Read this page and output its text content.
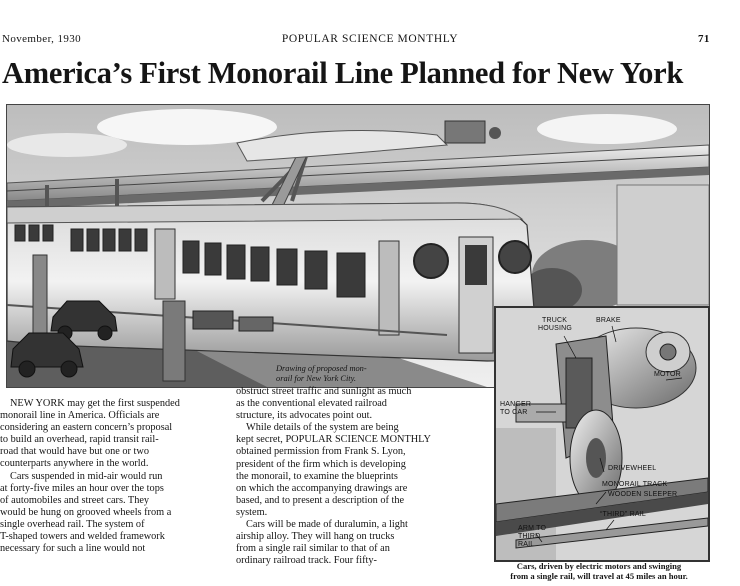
November, 1930	POPULAR SCIENCE MONTHLY	71
America’s First Monorail Line Planned for New York
TRUCK
HOUSING
BRAKE
MOTOR
HANGER
TO CAR
DRIVEWHEEL
MONORAIL TRACK
WOODEN SLEEPER
“THIRD” RAIL
ARM TO
THIRD
RAIL
Drawing of proposed mon-
orail for New York City.
NEW YORK may get the first suspended
monorail line in America. Officials are
considering an eastern concern’s proposal
to build an overhead, rapid transit rail-
road that would have but one or two
counterparts anywhere in the world.
Cars suspended in mid-air would run
at forty-five miles an hour over the tops
of automobiles and street cars. They
would be hung on grooved wheels from a
single overhead rail. The system of
T-shaped towers and welded framework
necessary for such a line would not
obstruct street traffic and sunlight as much
as the conventional elevated railroad
structure, its advocates point out.
While details of the system are being
kept secret, POPULAR SCIENCE MONTHLY
obtained permission from Frank S. Lyon,
president of the firm which is developing
the monorail, to examine the blueprints
on which the accompanying drawings are
based, and to present a description of the
system.
Cars will be made of duralumin, a light
airship alloy. They will hang on trucks
from a single rail similar to that of an
ordinary railroad track. Four fifty-	Cars, driven by electric motors and swinging
from a single rail, will travel at 45 miles an hour.
